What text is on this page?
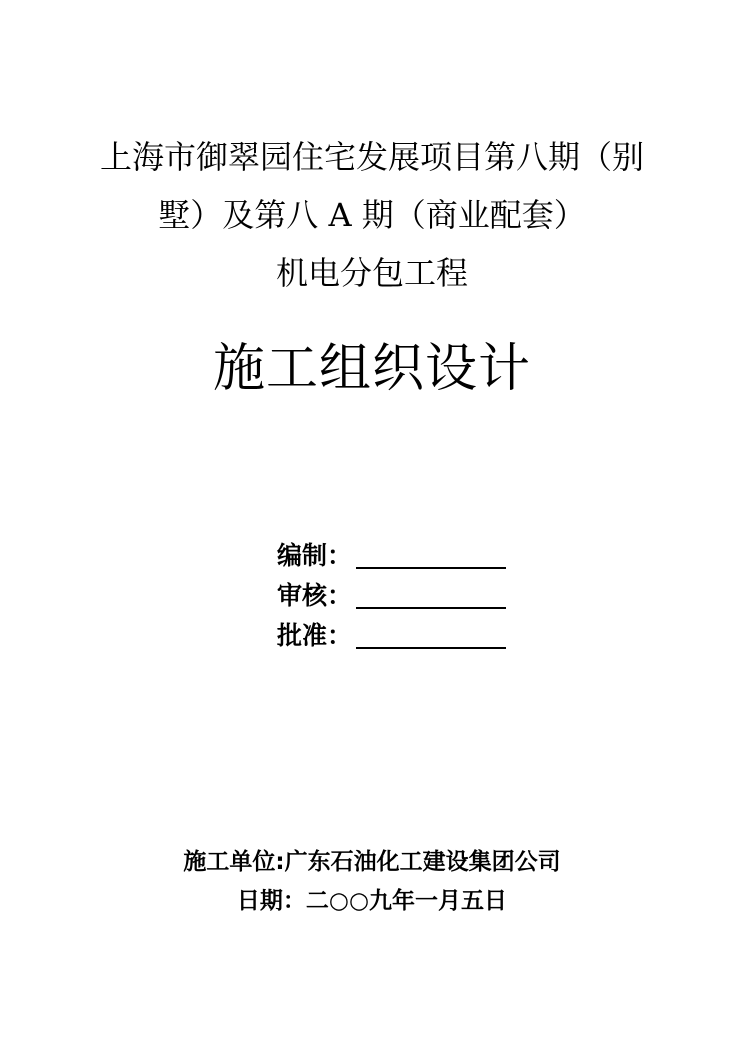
上海市御翠园住宅发展项目第八期（别
墅）及第八 A 期（商业配套）
机电分包工程
施工组织设计
编制：
审核：
批准：
施工单位:广东石油化工建设集团公司
日期：二○○九年一月五日
